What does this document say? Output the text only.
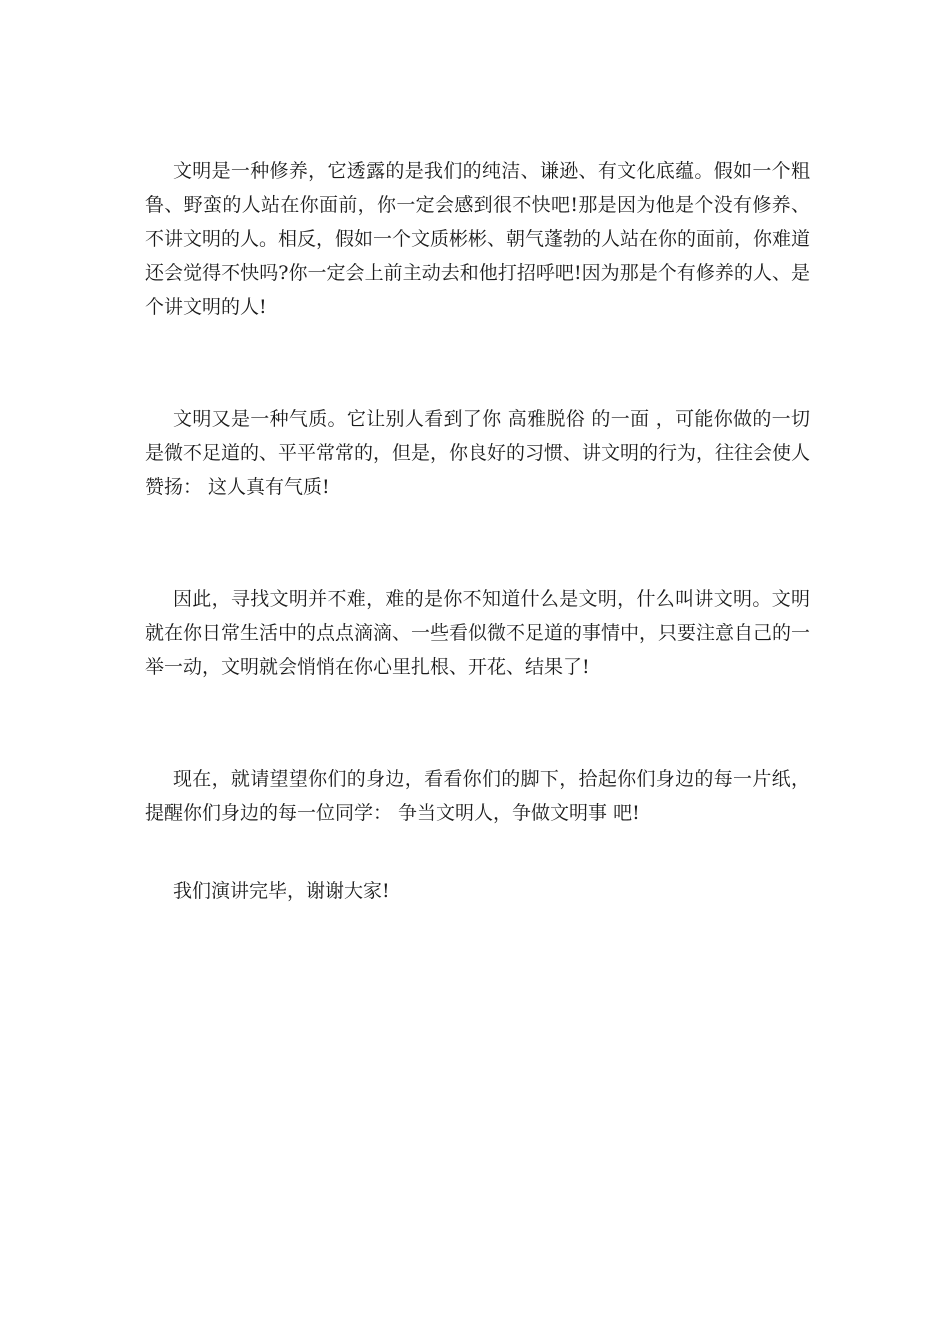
文明是一种修养，它透露的是我们的纯洁、谦逊、有文化底蕴。假如一个粗鲁、野蛮的人站在你面前，你一定会感到很不快吧!那是因为他是个没有修养、不讲文明的人。相反，假如一个文质彬彬、朝气蓬勃的人站在你的面前，你难道还会觉得不快吗?你一定会上前主动去和他打招呼吧!因为那是个有修养的人、是个讲文明的人!

文明又是一种气质。它让别人看到了你 高雅脱俗 的一面 ，可能你做的一切是微不足道的、平平常常的，但是，你良好的习惯、讲文明的行为，往往会使人赞扬： 这人真有气质!

因此，寻找文明并不难，难的是你不知道什么是文明，什么叫讲文明。文明就在你日常生活中的点点滴滴、一些看似微不足道的事情中，只要注意自己的一举一动，文明就会悄悄在你心里扎根、开花、结果了!

现在，就请望望你们的身边，看看你们的脚下，拾起你们身边的每一片纸，提醒你们身边的每一位同学： 争当文明人，争做文明事 吧!

我们演讲完毕，谢谢大家!
